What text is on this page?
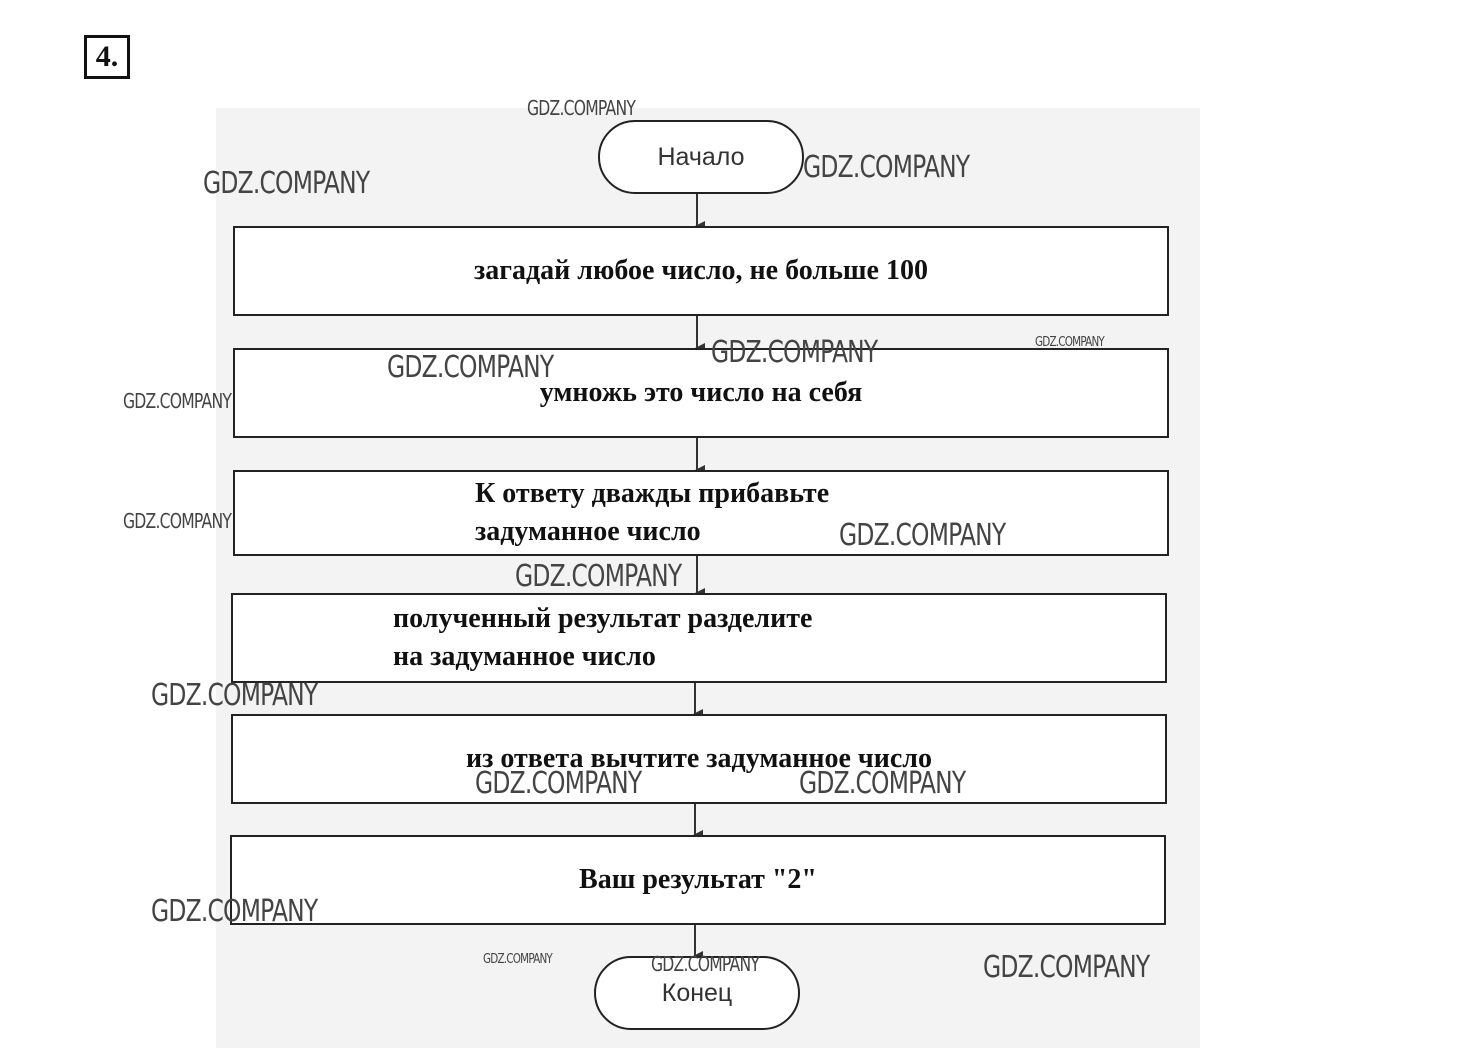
4.
Начало
загадай любое число, не больше 100
умножь это число на себя
К ответу дважды прибавьте
задуманное число
полученный результат разделите
на задуманное число
из ответа вычтите задуманное число
Ваш результат "2"
Конец
GDZ.COMPANY
GDZ.COMPANY
GDZ.COMPANY
GDZ.COMPANY	GDZ.COMPANY
GDZ.COMPANY
GDZ.COMPANY
GDZ.COMPANY	GDZ.COMPANY
GDZ.COMPANY
GDZ.COMPANY
GDZ.COMPANY	GDZ.COMPANY
GDZ.COMPANY
GDZ.COMPANY	GDZ.COMPANY	GDZ.COMPANY
